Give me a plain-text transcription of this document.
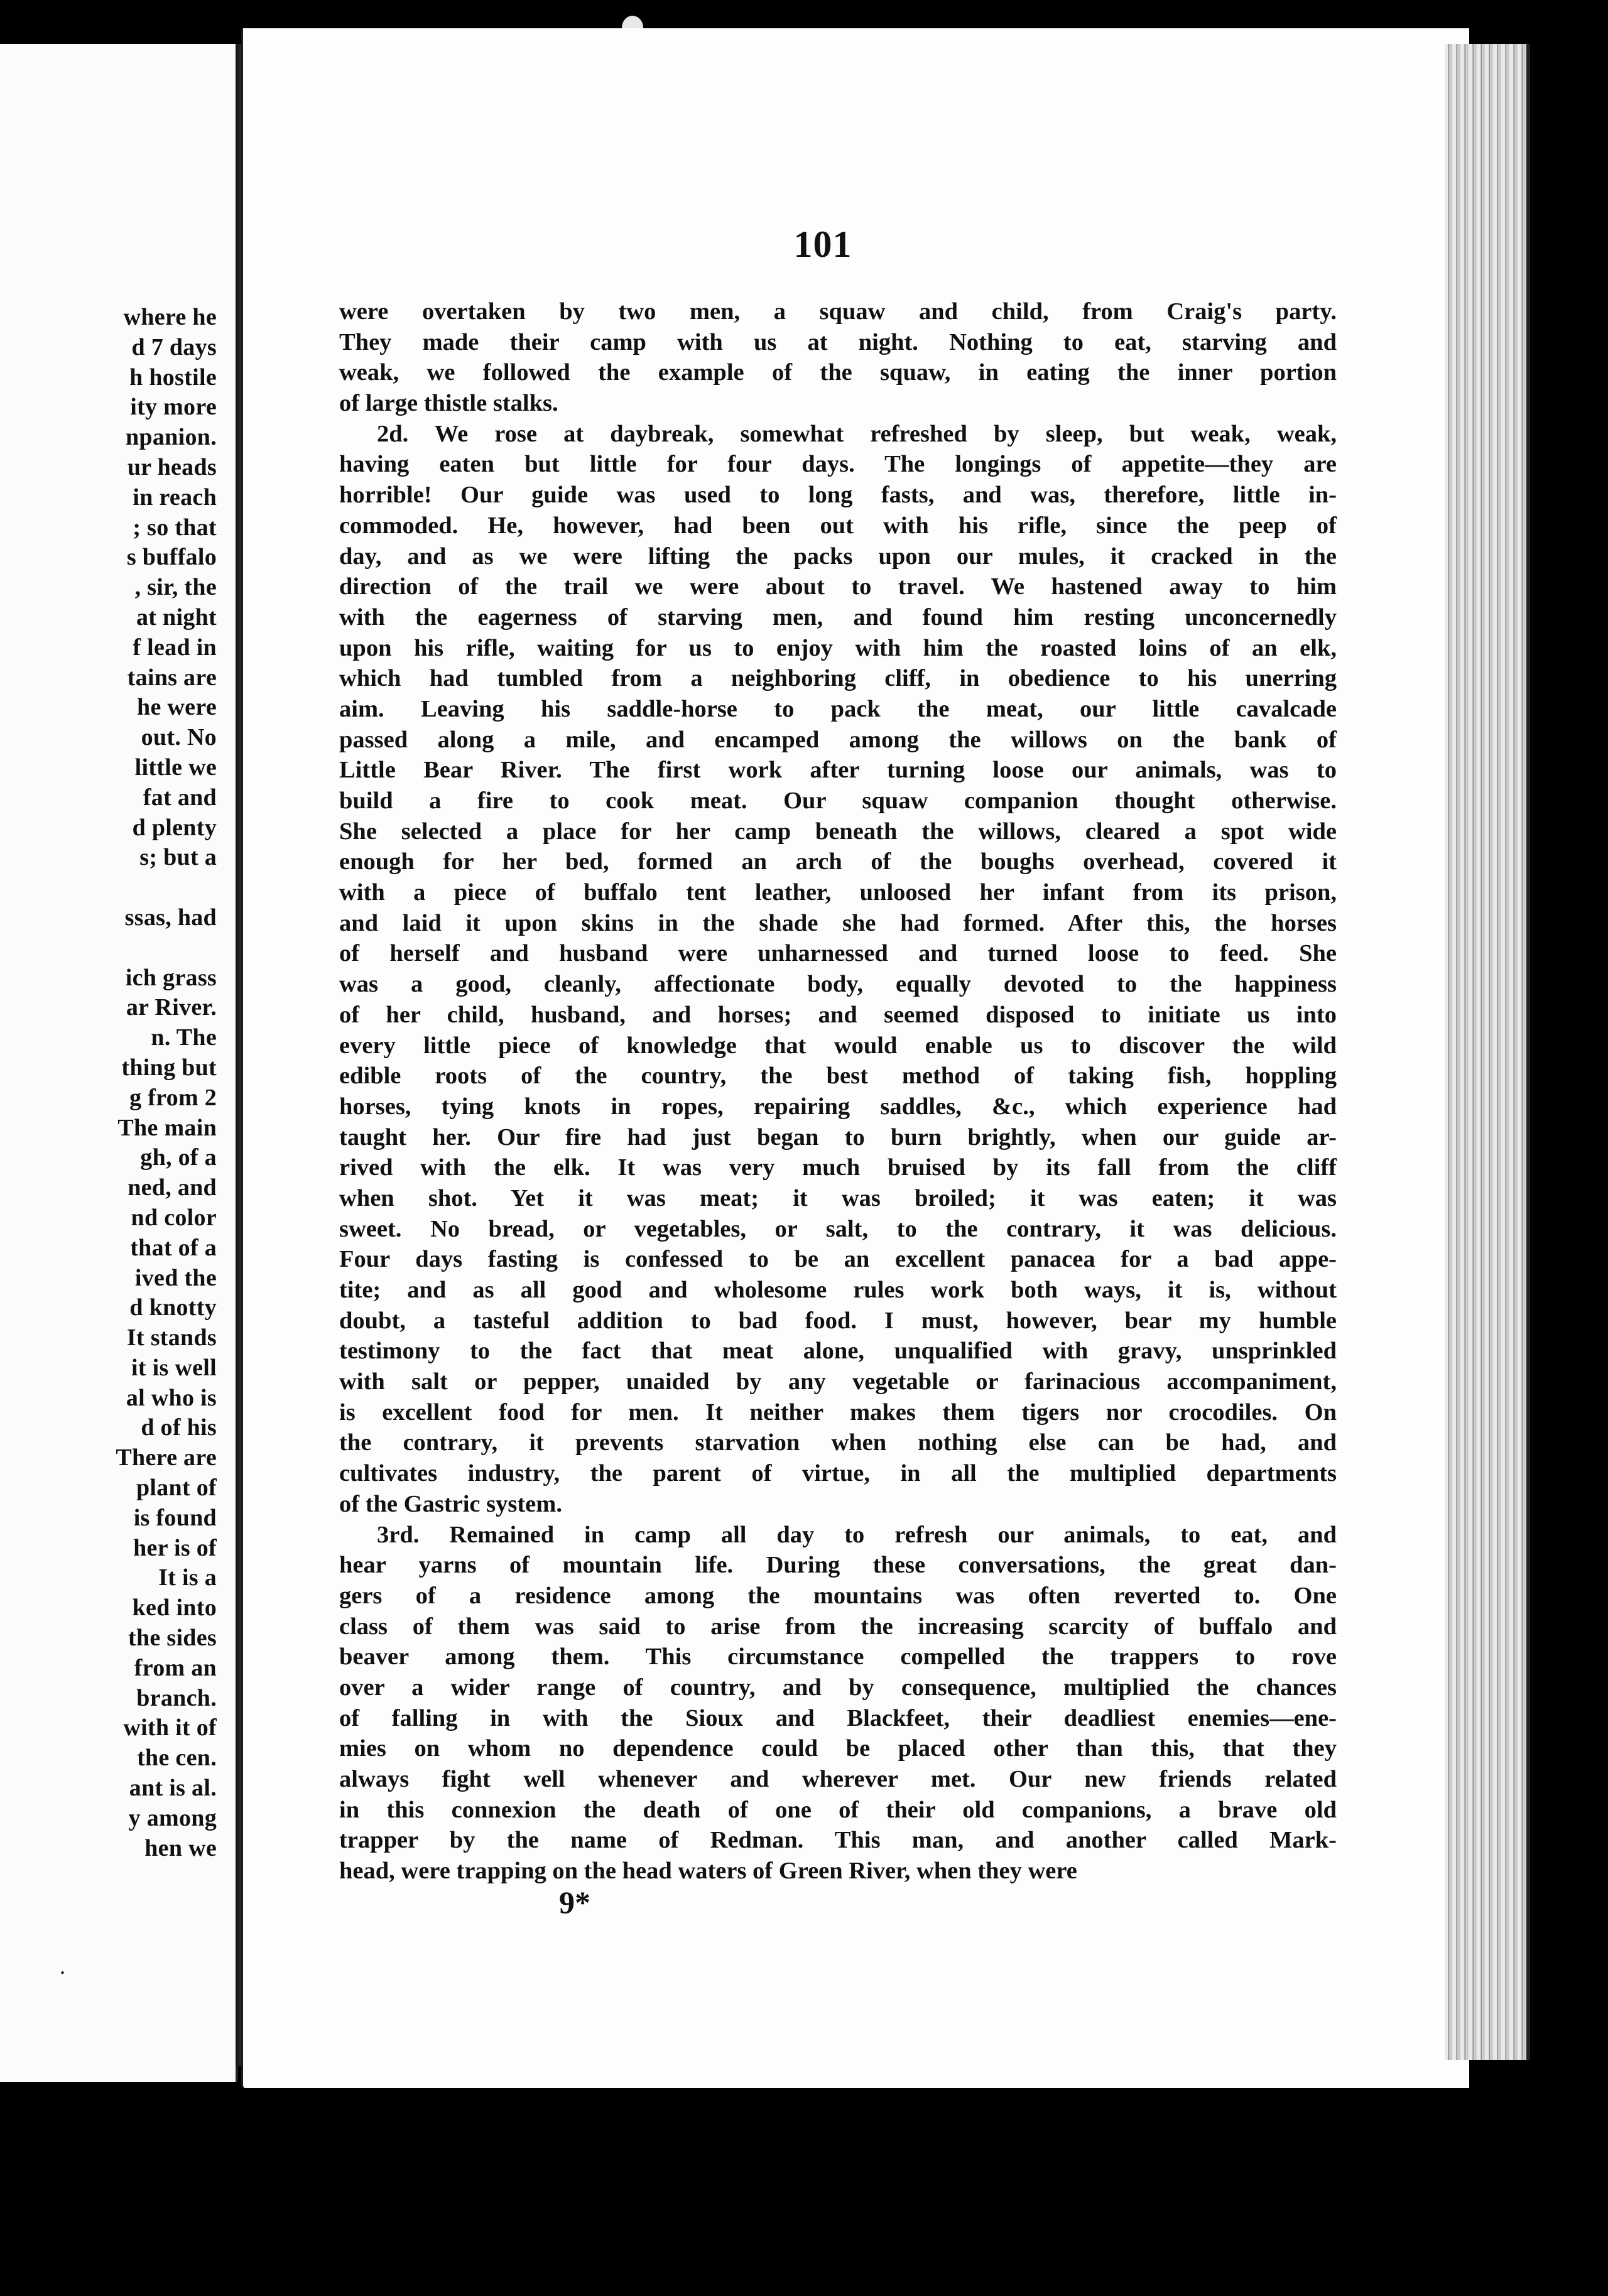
where he
d 7 days
h hostile
ity more
npanion.
ur heads
in reach
; so that
s buffalo
, sir, the
at night
f lead in
tains are
he were
out. No
little we
fat and
d plenty
s; but a
ssas, had
ich grass
ar River.
n. The
thing but
g from 2
The main
gh, of a
ned, and
nd color
that of a
ived the
d knotty
It stands
it is well
al who is
d of his
There are
plant of
is found
her is of
It is a
ked into
the sides
from an
branch.
with it of
the cen.
ant is al.
y among
hen we
.
101
were overtaken by two men, a squaw and child, from Craig's party.
They made their camp with us at night. Nothing to eat, starving and
weak, we followed the example of the squaw, in eating the inner portion
of large thistle stalks.
2d. We rose at daybreak, somewhat refreshed by sleep, but weak, weak,
having eaten but little for four days. The longings of appetite—they are
horrible! Our guide was used to long fasts, and was, therefore, little in-
commoded. He, however, had been out with his rifle, since the peep of
day, and as we were lifting the packs upon our mules, it cracked in the
direction of the trail we were about to travel. We hastened away to him
with the eagerness of starving men, and found him resting unconcernedly
upon his rifle, waiting for us to enjoy with him the roasted loins of an elk,
which had tumbled from a neighboring cliff, in obedience to his unerring
aim. Leaving his saddle-horse to pack the meat, our little cavalcade
passed along a mile, and encamped among the willows on the bank of
Little Bear River. The first work after turning loose our animals, was to
build a fire to cook meat. Our squaw companion thought otherwise.
She selected a place for her camp beneath the willows, cleared a spot wide
enough for her bed, formed an arch of the boughs overhead, covered it
with a piece of buffalo tent leather, unloosed her infant from its prison,
and laid it upon skins in the shade she had formed. After this, the horses
of herself and husband were unharnessed and turned loose to feed. She
was a good, cleanly, affectionate body, equally devoted to the happiness
of her child, husband, and horses; and seemed disposed to initiate us into
every little piece of knowledge that would enable us to discover the wild
edible roots of the country, the best method of taking fish, hoppling
horses, tying knots in ropes, repairing saddles, &c., which experience had
taught her. Our fire had just began to burn brightly, when our guide ar-
rived with the elk. It was very much bruised by its fall from the cliff
when shot. Yet it was meat; it was broiled; it was eaten; it was
sweet. No bread, or vegetables, or salt, to the contrary, it was delicious.
Four days fasting is confessed to be an excellent panacea for a bad appe-
tite; and as all good and wholesome rules work both ways, it is, without
doubt, a tasteful addition to bad food. I must, however, bear my humble
testimony to the fact that meat alone, unqualified with gravy, unsprinkled
with salt or pepper, unaided by any vegetable or farinacious accompaniment,
is excellent food for men. It neither makes them tigers nor crocodiles. On
the contrary, it prevents starvation when nothing else can be had, and
cultivates industry, the parent of virtue, in all the multiplied departments
of the Gastric system.
3rd. Remained in camp all day to refresh our animals, to eat, and
hear yarns of mountain life. During these conversations, the great dan-
gers of a residence among the mountains was often reverted to. One
class of them was said to arise from the increasing scarcity of buffalo and
beaver among them. This circumstance compelled the trappers to rove
over a wider range of country, and by consequence, multiplied the chances
of falling in with the Sioux and Blackfeet, their deadliest enemies—ene-
mies on whom no dependence could be placed other than this, that they
always fight well whenever and wherever met. Our new friends related
in this connexion the death of one of their old companions, a brave old
trapper by the name of Redman. This man, and another called Mark-
head, were trapping on the head waters of Green River, when they were
9*
